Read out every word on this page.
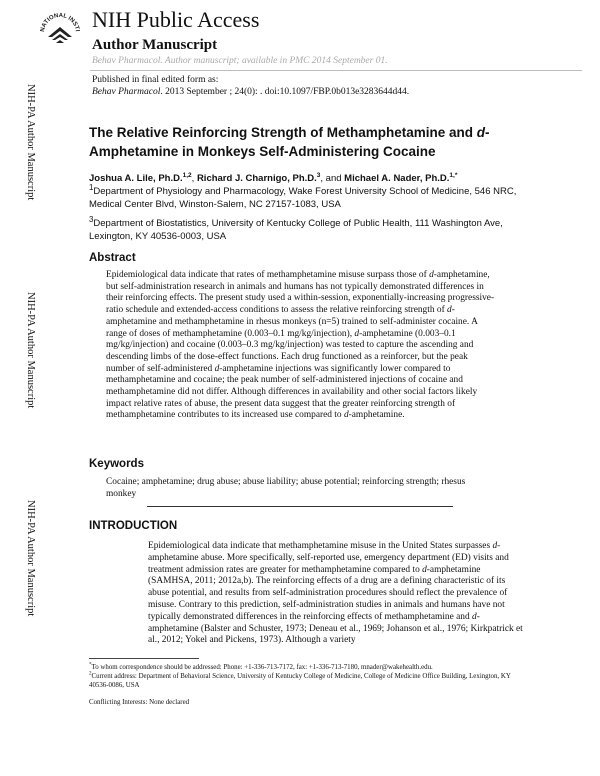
NATIONAL INSTI NIH Public Access
Author Manuscript
Behav Pharmacol. Author manuscript; available in PMC 2014 September 01.
Published in final edited form as:
Behav Pharmacol. 2013 September ; 24(0): . doi:10.1097/FBP.0b013e3283644d44.
NIH-PA Author Manuscript
NIH-PA Author Manuscript
NIH-PA Author Manuscript
The Relative Reinforcing Strength of Methamphetamine and d-Amphetamine in Monkeys Self-Administering Cocaine
Joshua A. Lile, Ph.D.$^{1,2}$, Richard J. Charnigo, Ph.D.$^3$, and Michael A. Nader, Ph.D.$^{1,*}$
$^1$Department of Physiology and Pharmacology, Wake Forest University School of Medicine, 546 NRC, Medical Center Blvd, Winston-Salem, NC 27157-1083, USA
$^3$Department of Biostatistics, University of Kentucky College of Public Health, 111 Washington Ave, Lexington, KY 40536-0003, USA
Abstract
Epidemiological data indicate that rates of methamphetamine misuse surpass those of d-amphetamine, but self-administration research in animals and humans has not typically demonstrated differences in their reinforcing effects. The present study used a within-session, exponentially-increasing progressive-ratio schedule and extended-access conditions to assess the relative reinforcing strength of d-amphetamine and methamphetamine in rhesus monkeys (n=5) trained to self-administer cocaine. A range of doses of methamphetamine (0.003–0.1 mg/kg/injection), d-amphetamine (0.003–0.1 mg/kg/injection) and cocaine (0.003–0.3 mg/kg/injection) was tested to capture the ascending and descending limbs of the dose-effect functions. Each drug functioned as a reinforcer, but the peak number of self-administered d-amphetamine injections was significantly lower compared to methamphetamine and cocaine; the peak number of self-administered injections of cocaine and methamphetamine did not differ. Although differences in availability and other social factors likely impact relative rates of abuse, the present data suggest that the greater reinforcing strength of methamphetamine contributes to its increased use compared to d-amphetamine.
Keywords
Cocaine; amphetamine; drug abuse; abuse liability; abuse potential; reinforcing strength; rhesus monkey
INTRODUCTION
Epidemiological data indicate that methamphetamine misuse in the United States surpasses d-amphetamine abuse. More specifically, self-reported use, emergency department (ED) visits and treatment admission rates are greater for methamphetamine compared to d-amphetamine (SAMHSA, 2011; 2012a,b). The reinforcing effects of a drug are a defining characteristic of its abuse potential, and results from self-administration procedures should reflect the prevalence of misuse. Contrary to this prediction, self-administration studies in animals and humans have not typically demonstrated differences in the reinforcing effects of methamphetamine and d-amphetamine (Balster and Schuster, 1973; Deneau et al., 1969; Johanson et al., 1976; Kirkpatrick et al., 2012; Yokel and Pickens, 1973). Although a variety
*To whom correspondence should be addressed: Phone: +1-336-713-7172, fax: +1-336-713-7180, mnader@wakehealth.edu.
$^2$Current address: Department of Behavioral Science, University of Kentucky College of Medicine, College of Medicine Office Building, Lexington, KY 40536-0086, USA
Conflicting Interests: None declared
